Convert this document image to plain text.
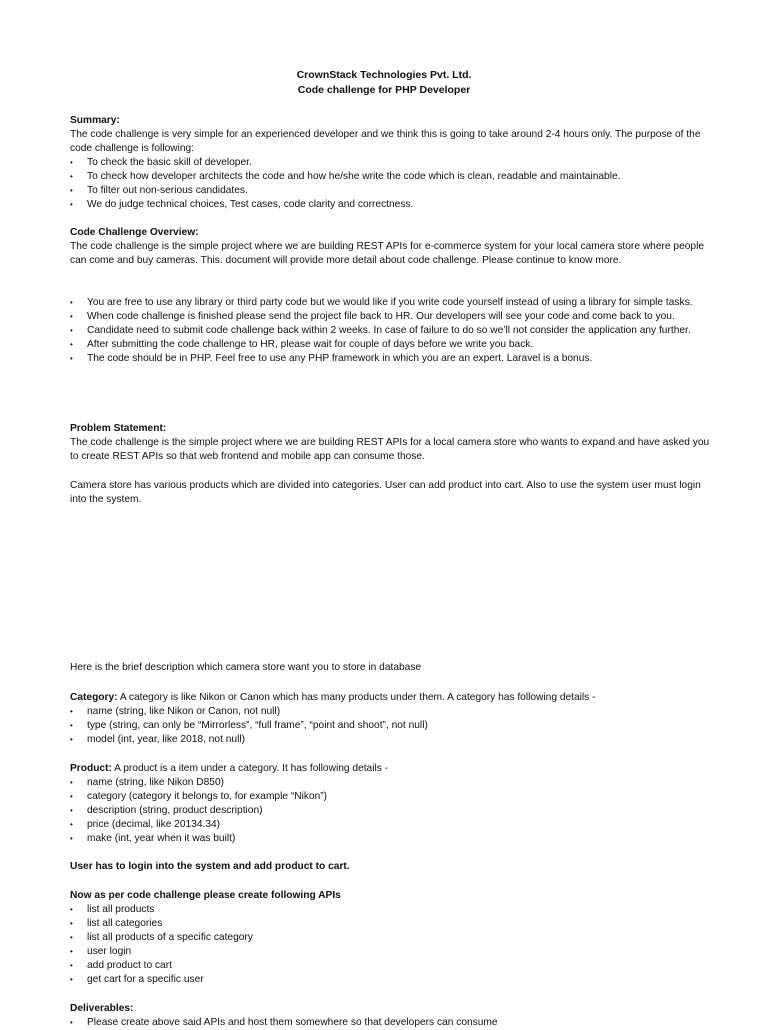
CrownStack Technologies Pvt. Ltd.

Code challenge for PHP Developer

Summary:

The code challenge is very simple for an experienced developer and we think this is going to take around 2-4 hours only. The purpose of the code challenge is following:

• To check the basic skill of developer.
• To check how developer architects the code and how he/she write the code which is clean, readable and maintainable.
• To filter out non-serious candidates.
• We do judge technical choices, Test cases, code clarity and correctness.

Code Challenge Overview:

The code challenge is the simple project where we are building REST APIs for e-commerce system for your local camera store where people can come and buy cameras. This. document will provide more detail about code challenge. Please continue to know more.

• You are free to use any library or third party code but we would like if you write code yourself instead of using a library for simple tasks.
• When code challenge is finished please send the project file back to HR. Our developers will see your code and come back to you.
• Candidate need to submit code challenge back within 2 weeks. In case of failure to do so we’ll not consider the application any further.
• After submitting the code challenge to HR, please wait for couple of days before we write you back.
• The code should be in PHP. Feel free to use any PHP framework in which you are an expert. Laravel is a bonus.

Problem Statement:

The code challenge is the simple project where we are building REST APIs for a local camera store who wants to expand and have asked you to create REST APIs so that web frontend and mobile app can consume those.

Camera store has various products which are divided into categories. User can add product into cart. Also to use the system user must login into the system.

Here is the brief description which camera store want you to store in database

Category: A category is like Nikon or Canon which has many products under them. A category has following details -

• name (string, like Nikon or Canon, not null)
• type (string, can only be “Mirrorless”, “full frame”, “point and shoot”, not null)
• model (int, year, like 2018, not null)

Product: A product is a item under a category. It has following details -

• name (string, like Nikon D850)
• category (category it belongs to, for example “Nikon”)
• description (string, product description)
• price (decimal, like 20134.34)
• make (int, year when it was built)

User has to login into the system and add product to cart.

Now as per code challenge please create following APIs

• list all products
• list all categories
• list all products of a specific category
• user login
• add product to cart
• get cart for a specific user

Deliverables:

• Please create above said APIs and host them somewhere so that developers can consume
